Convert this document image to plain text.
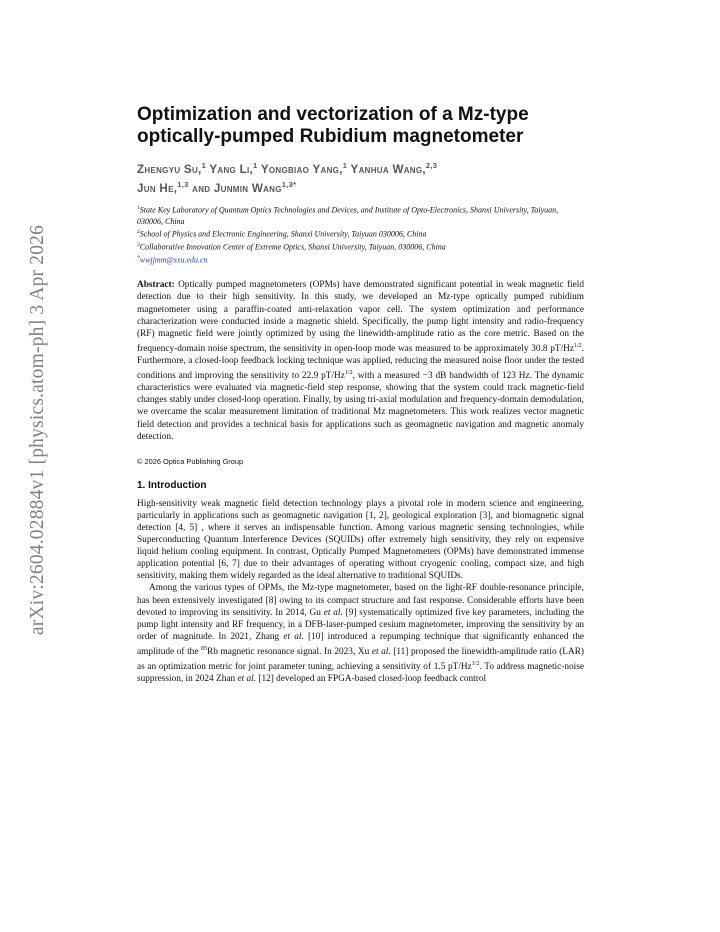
arXiv:2604.02884v1 [physics.atom-ph] 3 Apr 2026
Optimization and vectorization of a Mz-type optically-pumped Rubidium magnetometer
Zhengyu Su,$^1$ Yang Li,$^1$ Yongbiao Yang,$^1$ Yanhua Wang,$^{2,3}$
Jun He,$^{1,3}$ and Junmin Wang$^{1,3*}$
$^1$State Key Laboratory of Quantum Optics Technologies and Devices, and Institute of Opto-Electronics, Shanxi University, Taiyuan, 030006, China
$^2$School of Physics and Electronic Engineering, Shanxi University, Taiyuan 030006, China
$^3$Collaborative Innovation Center of Extreme Optics, Shanxi University, Taiyuan, 030006, China
*wwjjmm@sxu.edu.cn
Abstract: Optically pumped magnetometers (OPMs) have demonstrated significant potential in weak magnetic field detection due to their high sensitivity. In this study, we developed an Mz-type optically pumped rubidium magnetometer using a paraffin-coated anti-relaxation vapor cell. The system optimization and performance characterization were conducted inside a magnetic shield. Specifically, the pump light intensity and radio-frequency (RF) magnetic field were jointly optimized by using the linewidth-amplitude ratio as the core metric. Based on the frequency-domain noise spectrum, the sensitivity in open-loop mode was measured to be approximately 30.8 $pT/Hz^{1/2}$. Furthermore, a closed-loop feedback locking technique was applied, reducing the measured noise floor under the tested conditions and improving the sensitivity to 22.9 $pT/Hz^{1/2}$, with a measured −3 dB bandwidth of 123 Hz. The dynamic characteristics were evaluated via magnetic-field step response, showing that the system could track magnetic-field changes stably under closed-loop operation. Finally, by using tri-axial modulation and frequency-domain demodulation, we overcame the scalar measurement limitation of traditional Mz magnetometers. This work realizes vector magnetic field detection and provides a technical basis for applications such as geomagnetic navigation and magnetic anomaly detection.
© 2026 Optica Publishing Group
1. Introduction

High-sensitivity weak magnetic field detection technology plays a pivotal role in modern science and engineering, particularly in applications such as geomagnetic navigation [1, 2], geological exploration [3], and biomagnetic signal detection [4, 5] , where it serves an indispensable function. Among various magnetic sensing technologies, while Superconducting Quantum Interference Devices (SQUIDs) offer extremely high sensitivity, they rely on expensive liquid helium cooling equipment. In contrast, Optically Pumped Magnetometers (OPMs) have demonstrated immense application potential [6, 7] due to their advantages of operating without cryogenic cooling, compact size, and high sensitivity, making them widely regarded as the ideal alternative to traditional SQUIDs.

Among the various types of OPMs, the Mz-type magnetometer, based on the light-RF double-resonance principle, has been extensively investigated [8] owing to its compact structure and fast response. Considerable efforts have been devoted to improving its sensitivity. In 2014, Gu et al. [9] systematically optimized five key parameters, including the pump light intensity and RF frequency, in a DFB-laser-pumped cesium magnetometer, improving the sensitivity by an order of magnitude. In 2021, Zhang et al. [10] introduced a repumping technique that significantly enhanced the amplitude of the $^{85}$Rb magnetic resonance signal. In 2023, Xu et al. [11] proposed the linewidth-amplitude ratio (LAR) as an optimization metric for joint parameter tuning, achieving a sensitivity of 1.5 $pT/Hz^{1/2}$. To address magnetic-noise suppression, in 2024 Zhan et al. [12] developed an FPGA-based closed-loop feedback control
